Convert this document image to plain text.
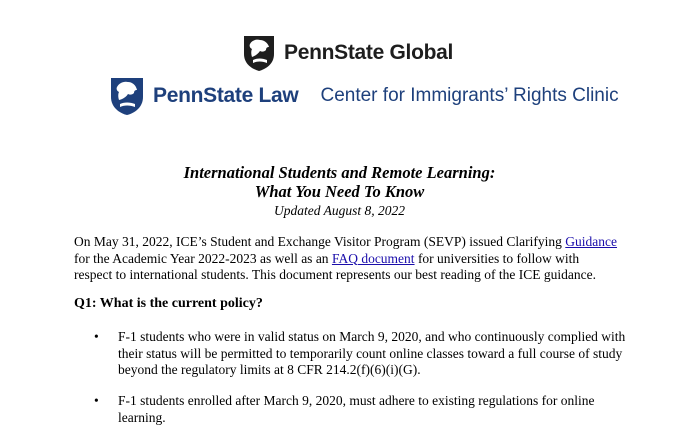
PennState Global
PennState Law Center for Immigrants’ Rights Clinic
International Students and Remote Learning:
What You Need To Know
Updated August 8, 2022
On May 31, 2022, ICE’s Student and Exchange Visitor Program (SEVP) issued Clarifying Guidance for the Academic Year 2022-2023 as well as an FAQ document for universities to follow with respect to international students. This document represents our best reading of the ICE guidance.
Q1: What is the current policy?
• F-1 students who were in valid status on March 9, 2020, and who continuously complied with their status will be permitted to temporarily count online classes toward a full course of study beyond the regulatory limits at 8 CFR 214.2(f)(6)(i)(G).
• F-1 students enrolled after March 9, 2020, must adhere to existing regulations for online learning.
